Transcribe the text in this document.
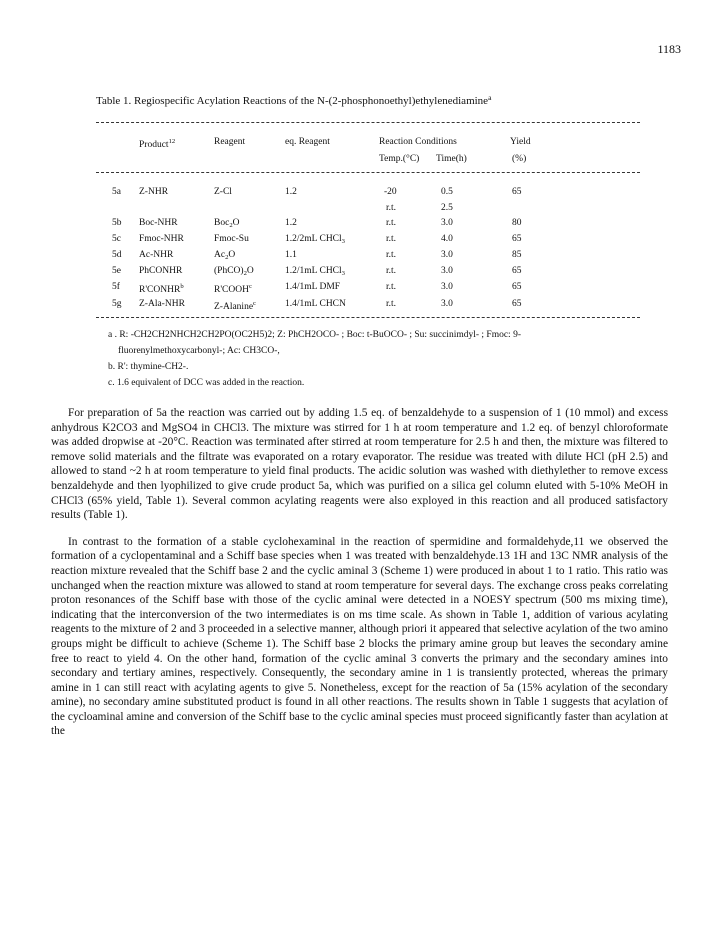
1183
Table 1. Regiospecific Acylation Reactions of the N-(2-phosphonoethyl)ethylenediamine$^a$
Product$^{12}$	Reagent	eq. Reagent	Reaction Conditions	Yield
Temp.(°C) Time(h)	(%)
5a Z-NHR	Z-Cl	1.2	-20	0.5	65
r.t.	2.5
5b Boc-NHR	Boc$_2$O	1.2	r.t.	3.0	80
5c Fmoc-NHR	Fmoc-Su	1.2/2mL CHCl$_3$	r.t.	4.0	65
5d Ac-NHR	$Ac_2O$	1.1	r.t.	3.0	85
5e PhCONHR	$(PhCO)_2O$	1.2/1mL CHCl$_3$	r.t.	3.0	65
5f R'CONHR$^b$	R'COOH$^c$	1.4/1mL DMF	r.t.	3.0	65
5g Z-Ala-NHR	Z-Alanine$^c$	1.4/1mL CHCN	r.t.	3.0	65
a . R: -CH2CH2NHCH2CH2PO(OC2H5)2; Z: PhCH2OCO- ; Boc: t-BuOCO- ; Su: succinimdyl- ; Fmoc: 9-
fluorenylmethoxycarbonyl-; Ac: CH3CO-,
b. R': thymine-CH2-.
c. 1.6 equivalent of DCC was added in the reaction.

For preparation of 5a the reaction was carried out by adding 1.5 eq. of benzaldehyde to a suspension of 1 (10 mmol) and excess anhydrous K2CO3 and MgSO4 in CHCl3. The mixture was stirred for 1 h at room temperature and 1.2 eq. of benzyl chloroformate was added dropwise at -20°C. Reaction was terminated after stirred at room temperature for 2.5 h and then, the mixture was filtered to remove solid materials and the filtrate was evaporated on a rotary evaporator. The residue was treated with dilute HCl (pH 2.5) and allowed to stand ~2 h at room temperature to yield final products. The acidic solution was washed with diethylether to remove excess benzaldehyde and then lyophilized to give crude product 5a, which was purified on a silica gel column eluted with 5-10% MeOH in CHCl3 (65% yield, Table 1). Several common acylating reagents were also exployed in this reaction and all produced satisfactory results (Table 1).

In contrast to the formation of a stable cyclohexaminal in the reaction of spermidine and formaldehyde,11 we observed the formation of a cyclopentaminal and a Schiff base species when 1 was treated with benzaldehyde.13 1H and 13C NMR analysis of the reaction mixture revealed that the Schiff base 2 and the cyclic aminal 3 (Scheme 1) were produced in about 1 to 1 ratio. This ratio was unchanged when the reaction mixture was allowed to stand at room temperature for several days. The exchange cross peaks correlating proton resonances of the Schiff base with those of the cyclic aminal were detected in a NOESY spectrum (500 ms mixing time), indicating that the interconversion of the two intermediates is on ms time scale. As shown in Table 1, addition of various acylating reagents to the mixture of 2 and 3 proceeded in a selective manner, although priori it appeared that selective acylation of the two amino groups might be difficult to achieve (Scheme 1). The Schiff base 2 blocks the primary amine group but leaves the secondary amine free to react to yield 4. On the other hand, formation of the cyclic aminal 3 converts the primary and the secondary amines into secondary and tertiary amines, respectively. Consequently, the secondary amine in 1 is transiently protected, whereas the primary amine in 1 can still react with acylating agents to give 5. Nonetheless, except for the reaction of 5a (15% acylation of the secondary amine), no secondary amine substituted product is found in all other reactions. The results shown in Table 1 suggests that acylation of the cycloaminal amine and conversion of the Schiff base to the cyclic aminal species must proceed significantly faster than acylation at the
